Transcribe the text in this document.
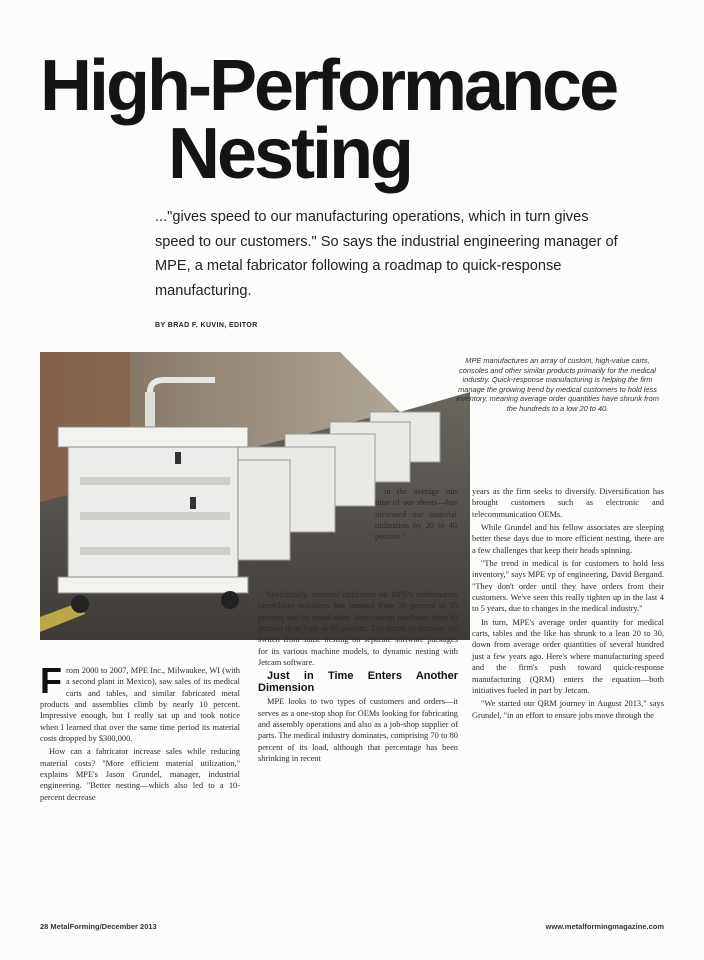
High-Performance
Nesting

..."gives speed to our manufacturing operations, which in turn gives speed to our customers." So says the industrial engineering manager of MPE, a metal fabricator following a roadmap to quick-response manufacturing.

BY BRAD F. KUVIN, EDITOR

MPE manufactures an array of custom, high-value carts, consoles and other similar products primarily for the medical industry. Quick-response manufacturing is helping the firm manage the growing trend by medical customers to hold less inventory, meaning average order quantities have shrunk from the hundreds to a low 20 to 40.

From 2000 to 2007, MPE Inc., Milwaukee, WI (with a second plant in Mexico), saw sales of its medical carts and tables, and similar fabricated metal products and assemblies climb by nearly 10 percent. Impressive enough, but I really sat up and took notice when I learned that over the same time period its material costs dropped by $300,000.

How can a fabricator increase sales while reducing material costs? "More efficient material utilization," explains MPE's Jason Grundel, manager, industrial engineering. "Better nesting—which also led to a 10-percent decrease

in the average run time of our sheets—has increased our material utilization by 20 to 40 percent."

Specifically, material utilization on MPE's combination turret/laser machines has jumped from 50 percent to 85 percent, and on stand-alone laser-cutting machines from 60 percent to as high as 85 percent. The secret to success: the switch from static nesting on separate software packages for its various machine models, to dynamic nesting with Jetcam software.

Just in Time Enters Another Dimension

MPE looks to two types of customers and orders—it serves as a one-stop shop for OEMs looking for fabricating and assembly operations and also as a job-shop supplier of parts. The medical industry dominates, comprising 70 to 80 percent of its load, although that percentage has been shrinking in recent

years as the firm seeks to diversify. Diversification has brought customers such as electronic and telecommunication OEMs.

While Grundel and his fellow associates are sleeping better these days due to more efficient nesting, there are a few challenges that keep their heads spinning.

"The trend in medical is for customers to hold less inventory," says MPE vp of engineering, David Bergand. "They don't order until they have orders from their customers. We've seen this really tighten up in the last 4 to 5 years, due to changes in the medical industry."

In turn, MPE's average order quantity for medical carts, tables and the like has shrunk to a lean 20 to 30, down from average order quantities of several hundred just a few years ago. Here's where manufacturing speed and the firm's push toward quick-response manufacturing (QRM) enters the equation—both initiatives fueled in part by Jetcam.

"We started our QRM journey in August 2013," says Grundel, "in an effort to ensure jobs move through the

28 MetalForming/December 2013	www.metalformingmagazine.com
